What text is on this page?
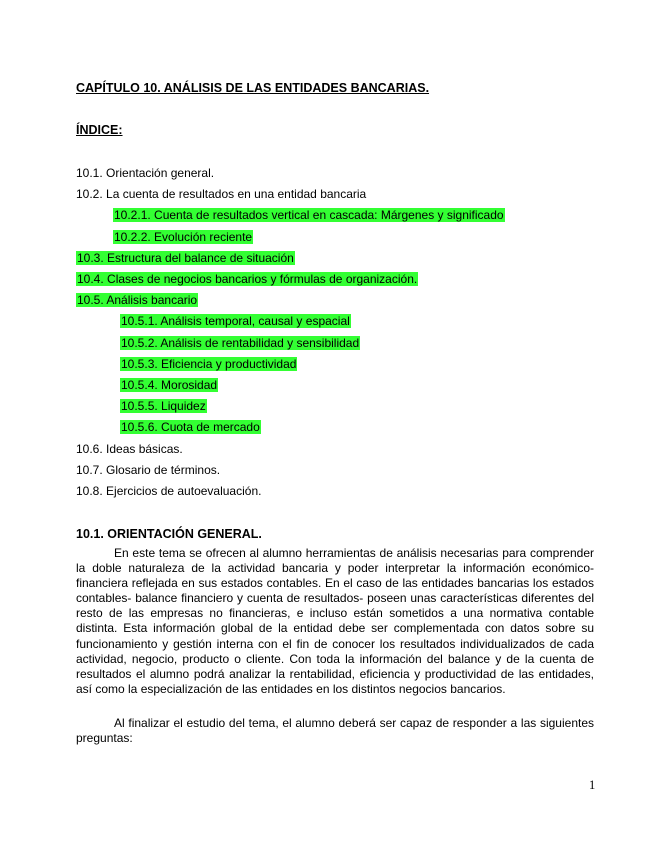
CAPÍTULO 10. ANÁLISIS DE LAS ENTIDADES BANCARIAS.
ÍNDICE:
10.1. Orientación general.
10.2. La cuenta de resultados en una entidad bancaria
10.2.1. Cuenta de resultados vertical en cascada: Márgenes y significado
10.2.2. Evolución reciente
10.3. Estructura del balance de situación
10.4. Clases de negocios bancarios y fórmulas de organización.
10.5. Análisis bancario
10.5.1. Análisis temporal, causal y espacial
10.5.2. Análisis de rentabilidad y sensibilidad
10.5.3. Eficiencia y productividad
10.5.4. Morosidad
10.5.5. Liquidez
10.5.6. Cuota de mercado
10.6. Ideas básicas.
10.7. Glosario de términos.
10.8. Ejercicios de autoevaluación.
10.1. ORIENTACIÓN GENERAL.
En este tema se ofrecen al alumno herramientas de análisis necesarias para comprender la doble naturaleza de la actividad bancaria y poder interpretar la información económico-financiera reflejada en sus estados contables. En el caso de las entidades bancarias los estados contables- balance financiero y cuenta de resultados- poseen unas características diferentes del resto de las empresas no financieras, e incluso están sometidos a una normativa contable distinta. Esta información global de la entidad debe ser complementada con datos sobre su funcionamiento y gestión interna con el fin de conocer los resultados individualizados de cada actividad, negocio, producto o cliente. Con toda la información del balance y de la cuenta de resultados el alumno podrá analizar la rentabilidad, eficiencia y productividad de las entidades, así como la especialización de las entidades en los distintos negocios bancarios.
Al finalizar el estudio del tema, el alumno deberá ser capaz de responder a las siguientes preguntas:
1
